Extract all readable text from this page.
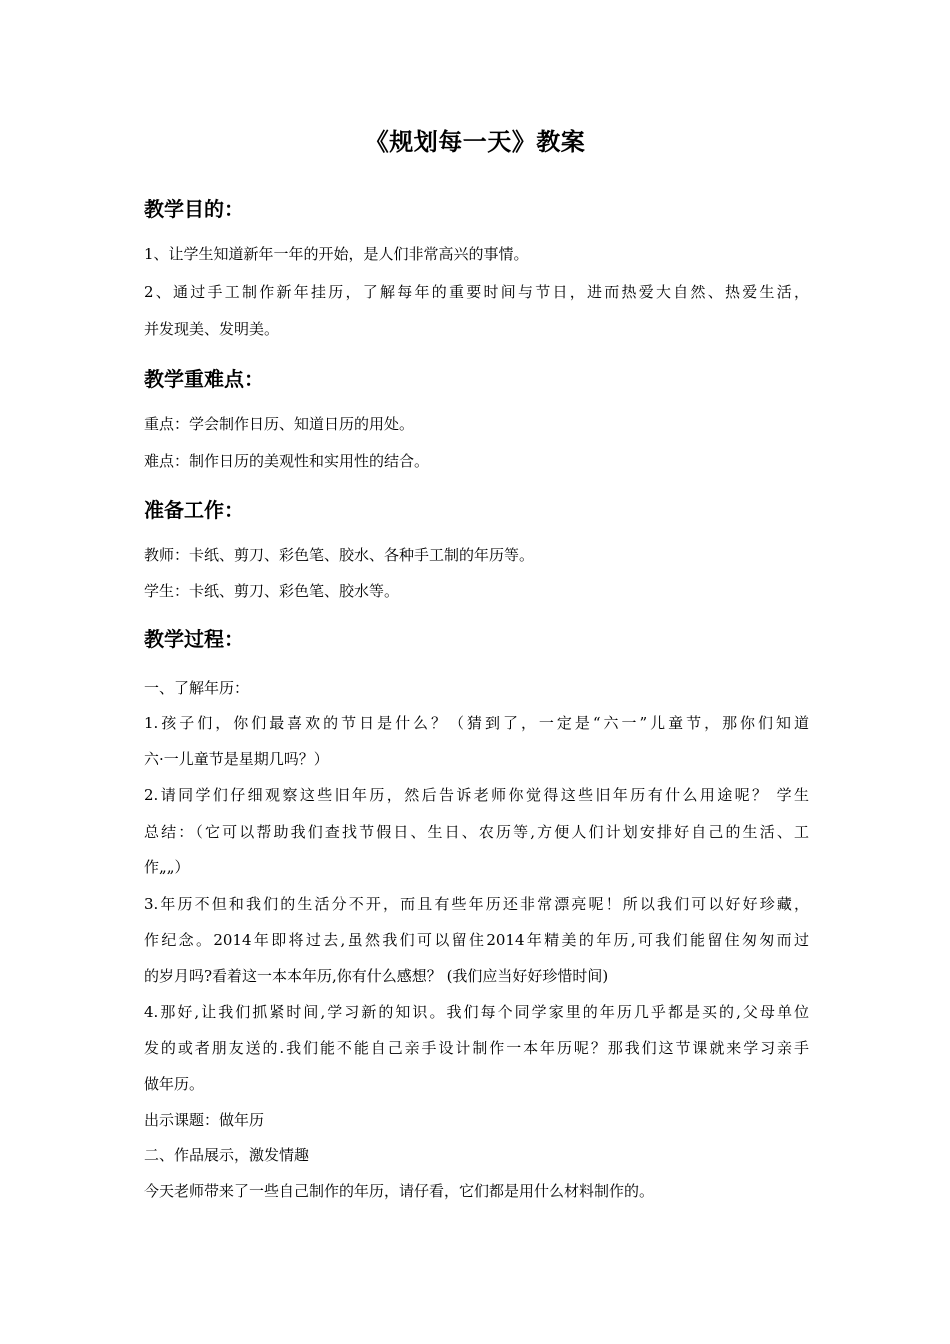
《规划每一天》教案
教学目的：
1、让学生知道新年一年的开始，是人们非常高兴的事情。
2、通过手工制作新年挂历，了解每年的重要时间与节日，进而热爱大自然、热爱生活，
并发现美、发明美。
教学重难点：
重点：学会制作日历、知道日历的用处。
难点：制作日历的美观性和实用性的结合。
准备工作：
教师：卡纸、剪刀、彩色笔、胶水、各种手工制的年历等。
学生：卡纸、剪刀、彩色笔、胶水等。
教学过程：
一、了解年历：
1.孩子们，你们最喜欢的节日是什么？（猜到了，一定是“六一”儿童节，那你们知道
六·一儿童节是星期几吗？）
2.请同学们仔细观察这些旧年历，然后告诉老师你觉得这些旧年历有什么用途呢？ 学生
总结：（它可以帮助我们查找节假日、生日、农历等,方便人们计划安排好自己的生活、工
作„„）
3.年历不但和我们的生活分不开，而且有些年历还非常漂亮呢！所以我们可以好好珍藏，
作纪念。2014年即将过去,虽然我们可以留住2014年精美的年历,可我们能留住匆匆而过
的岁月吗?看着这一本本年历,你有什么感想？ (我们应当好好珍惜时间)
4.那好,让我们抓紧时间,学习新的知识。我们每个同学家里的年历几乎都是买的,父母单位
发的或者朋友送的.我们能不能自己亲手设计制作一本年历呢？那我们这节课就来学习亲手
做年历。
出示课题：做年历
二、作品展示，激发情趣
今天老师带来了一些自己制作的年历，请仔看，它们都是用什么材料制作的。
